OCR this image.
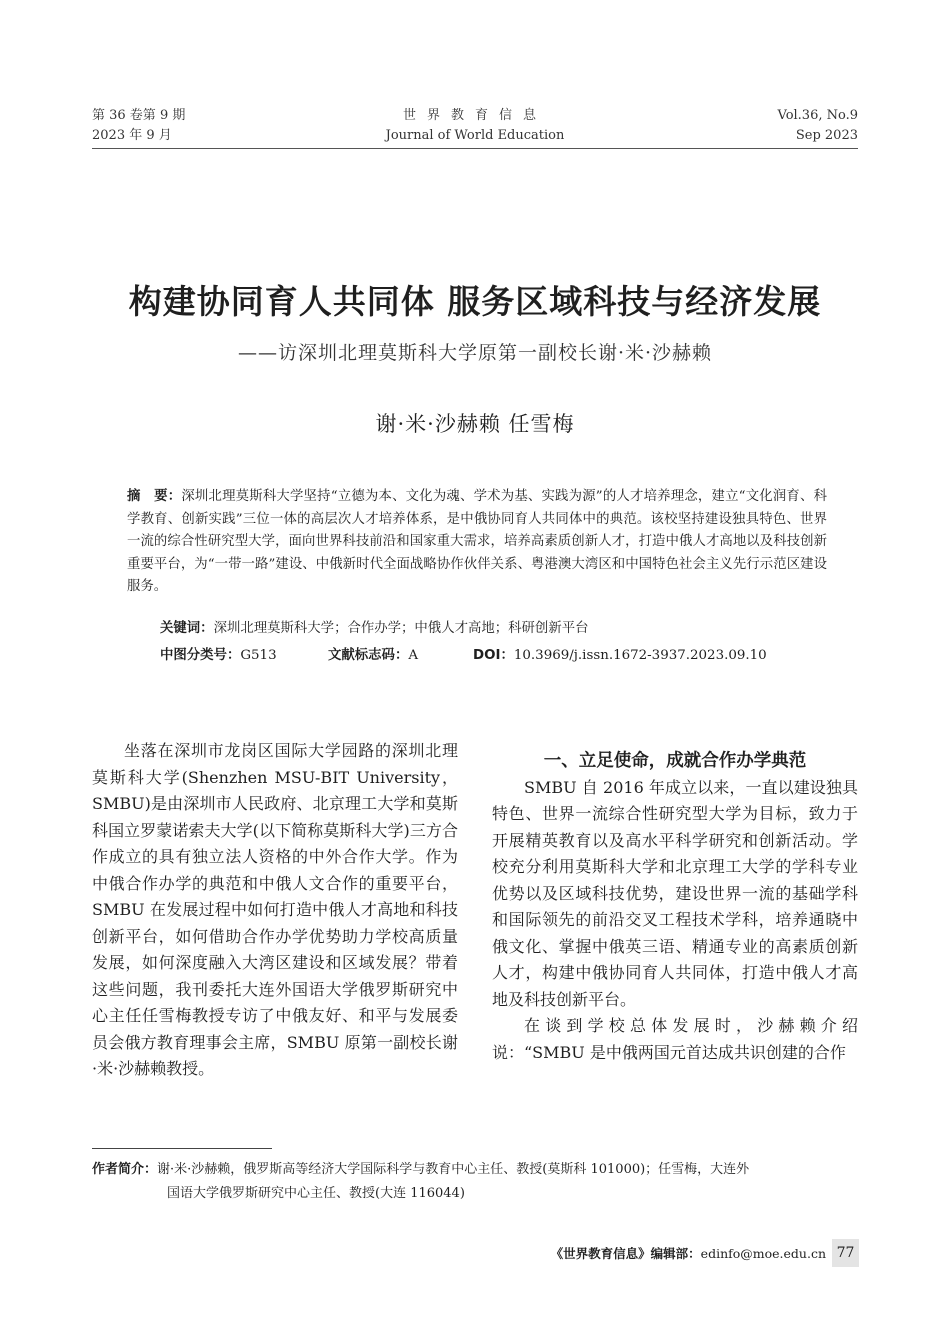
第 36 卷第 9 期
2023 年 9 月
世界教育信息
Journal of World Education
Vol.36, No.9
Sep 2023
构建协同育人共同体 服务区域科技与经济发展
——访深圳北理莫斯科大学原第一副校长谢·米·沙赫赖
谢·米·沙赫赖 任雪梅
摘　要：深圳北理莫斯科大学坚持“立德为本、文化为魂、学术为基、实践为源”的人才培养理念，建立“文化润育、科学教育、创新实践”三位一体的高层次人才培养体系，是中俄协同育人共同体中的典范。该校坚持建设独具特色、世界一流的综合性研究型大学，面向世界科技前沿和国家重大需求，培养高素质创新人才，打造中俄人才高地以及科技创新重要平台，为“一带一路”建设、中俄新时代全面战略协作伙伴关系、粤港澳大湾区和中国特色社会主义先行示范区建设服务。
关键词：深圳北理莫斯科大学；合作办学；中俄人才高地；科研创新平台
中图分类号：G513	文献标志码：A	DOI：10.3969/j.issn.1672-3937.2023.09.10

坐落在深圳市龙岗区国际大学园路的深圳北理莫斯科大学(Shenzhen MSU-BIT University，SMBU)是由深圳市人民政府、北京理工大学和莫斯科国立罗蒙诺索夫大学(以下简称莫斯科大学)三方合作成立的具有独立法人资格的中外合作大学。作为中俄合作办学的典范和中俄人文合作的重要平台，SMBU 在发展过程中如何打造中俄人才高地和科技创新平台，如何借助合作办学优势助力学校高质量发展，如何深度融入大湾区建设和区域发展？带着这些问题，我刊委托大连外国语大学俄罗斯研究中心主任任雪梅教授专访了中俄友好、和平与发展委员会俄方教育理事会主席，SMBU 原第一副校长谢·米·沙赫赖教授。

一、立足使命，成就合作办学典范

SMBU 自 2016 年成立以来，一直以建设独具特色、世界一流综合性研究型大学为目标，致力于开展精英教育以及高水平科学研究和创新活动。学校充分利用莫斯科大学和北京理工大学的学科专业优势以及区域科技优势，建设世界一流的基础学科和国际领先的前沿交叉工程技术学科，培养通晓中俄文化、掌握中俄英三语、精通专业的高素质创新人才，构建中俄协同育人共同体，打造中俄人才高地及科技创新平台。

在谈到学校总体发展时，沙赫赖介绍说：“SMBU 是中俄两国元首达成共识创建的合作

作者简介：谢·米·沙赫赖，俄罗斯高等经济大学国际科学与教育中心主任、教授(莫斯科 101000)；任雪梅，大连外
国语大学俄罗斯研究中心主任、教授(大连 116044)
《世界教育信息》编辑部：edinfo@moe.edu.cn 77
